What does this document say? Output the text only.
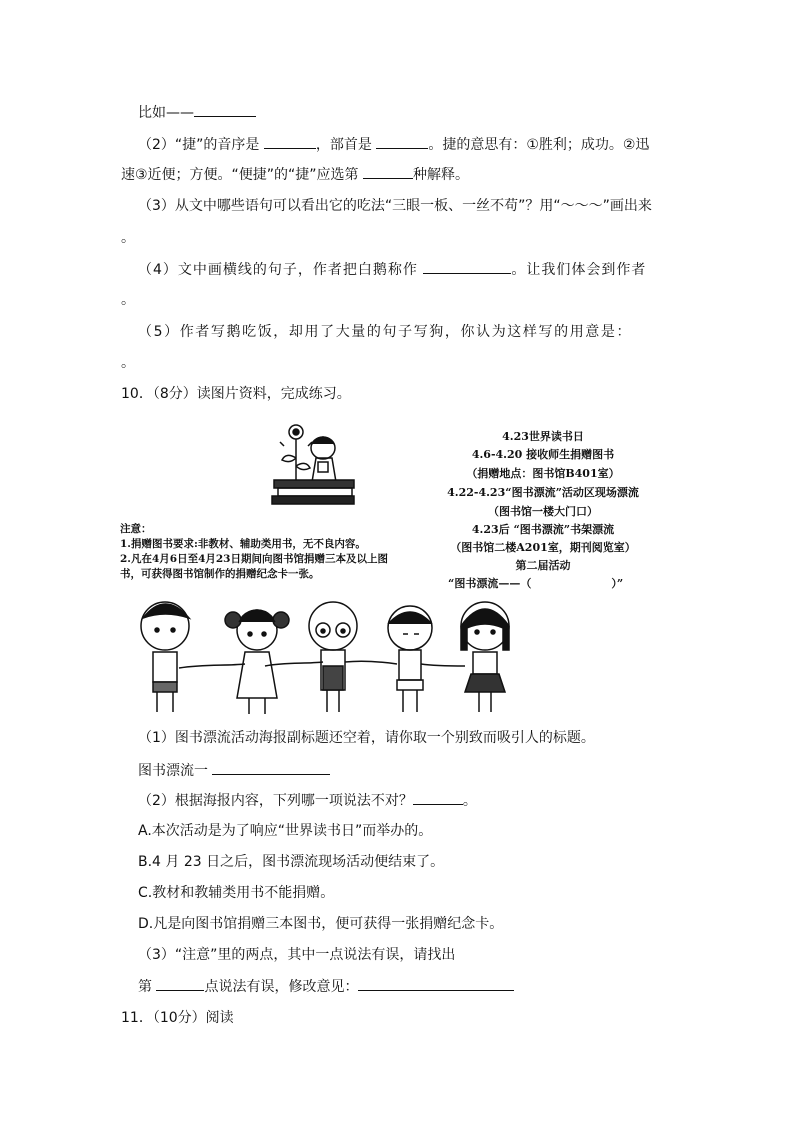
比如——
（2）“捷”的音序是	，部首是	。捷的意思有：①胜利；成功。②迅
速③近便；方便。“便捷”的“捷”应选第	种解释。
（3）从文中哪些语句可以看出它的吃法“三眼一板、一丝不苟”？用“～～～”画出来
。
（4）文中画横线的句子，作者把白鹅称作	。让我们体会到作者
。
（5）作者写鹅吃饭，却用了大量的句子写狗，你认为这样写的用意是：
。
10．（8分）读图片资料，完成练习。
4.23世界读书日
4.6-4.20 接收师生捐赠图书
（捐赠地点：图书馆B401室）
4.22-4.23“图书漂流”活动区现场漂流
（图书馆一楼大门口）
4.23后 “图书漂流”书架漂流
（图书馆二楼A201室，期刊阅览室）
第二届活动
“图书漂流——（	）”
注意：
1.捐赠图书要求:非教材、辅助类用书，无不良内容。
2.凡在4月6日至4月23日期间向图书馆捐赠三本及以上图
书，可获得图书馆制作的捐赠纪念卡一张。
（1）图书漂流活动海报副标题还空着，请你取一个别致而吸引人的标题。
图书漂流一
（2）根据海报内容，下列哪一项说法不对？	。
A.本次活动是为了响应“世界读书日”而举办的。
B.4 月 23 日之后，图书漂流现场活动便结束了。
C.教材和教辅类用书不能捐赠。
D.凡是向图书馆捐赠三本图书，便可获得一张捐赠纪念卡。
（3）“注意”里的两点，其中一点说法有误，请找出
第	点说法有误，修改意见：
11．（10分）阅读
